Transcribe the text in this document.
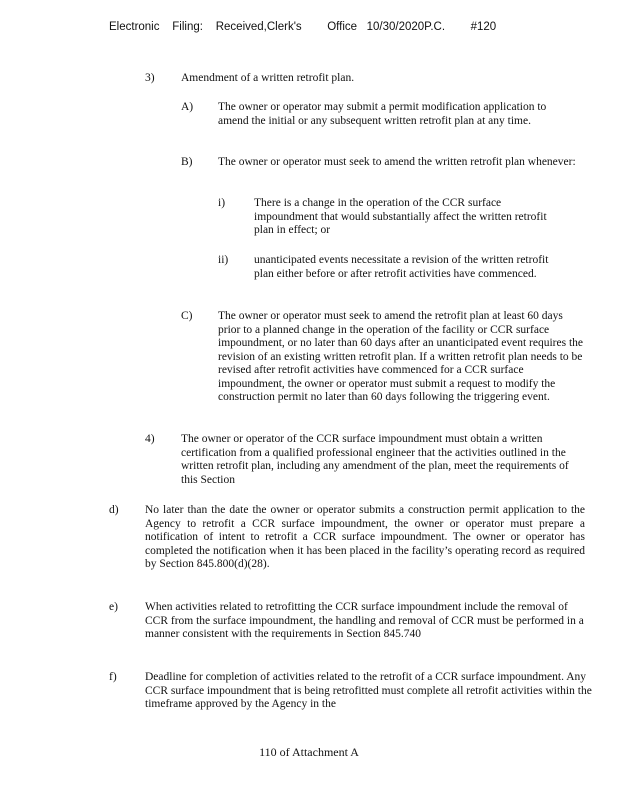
Electronic    Filing:    Received,Clerk's        Office   10/30/2020P.C.        #120
3) Amendment of a written retrofit plan.
A) The owner or operator may submit a permit modification application to amend the initial or any subsequent written retrofit plan at any time.
B) The owner or operator must seek to amend the written retrofit plan whenever:
i)	There is a change in the operation of the CCR surface impoundment that would substantially affect the written retrofit plan in effect; or
ii) unanticipated events necessitate a revision of the written retrofit plan either before or after retrofit activities have commenced.
C) The owner or operator must seek to amend the retrofit plan at least 60 days prior to a planned change in the operation of the facility or CCR surface impoundment, or no later than 60 days after an unanticipated event requires the revision of an existing written retrofit plan. If a written retrofit plan needs to be revised after retrofit activities have commenced for a CCR surface impoundment, the owner or operator must submit a request to modify the construction permit no later than 60 days following the triggering event.
4) The owner or operator of the CCR surface impoundment must obtain a written certification from a qualified professional engineer that the activities outlined in the written retrofit plan, including any amendment of the plan, meet the requirements of this Section
d) No later than the date the owner or operator submits a construction permit application to the Agency to retrofit a CCR surface impoundment, the owner or operator must prepare a notification of intent to retrofit a CCR surface impoundment. The owner or operator has completed the notification when it has been placed in the facility’s operating record as required by Section 845.800(d)(28).
e) When activities related to retrofitting the CCR surface impoundment include the removal of CCR from the surface impoundment, the handling and removal of CCR must be performed in a manner consistent with the requirements in Section 845.740
f) Deadline for completion of activities related to the retrofit of a CCR surface impoundment. Any CCR surface impoundment that is being retrofitted must complete all retrofit activities within the timeframe approved by the Agency in the
110 of Attachment A
